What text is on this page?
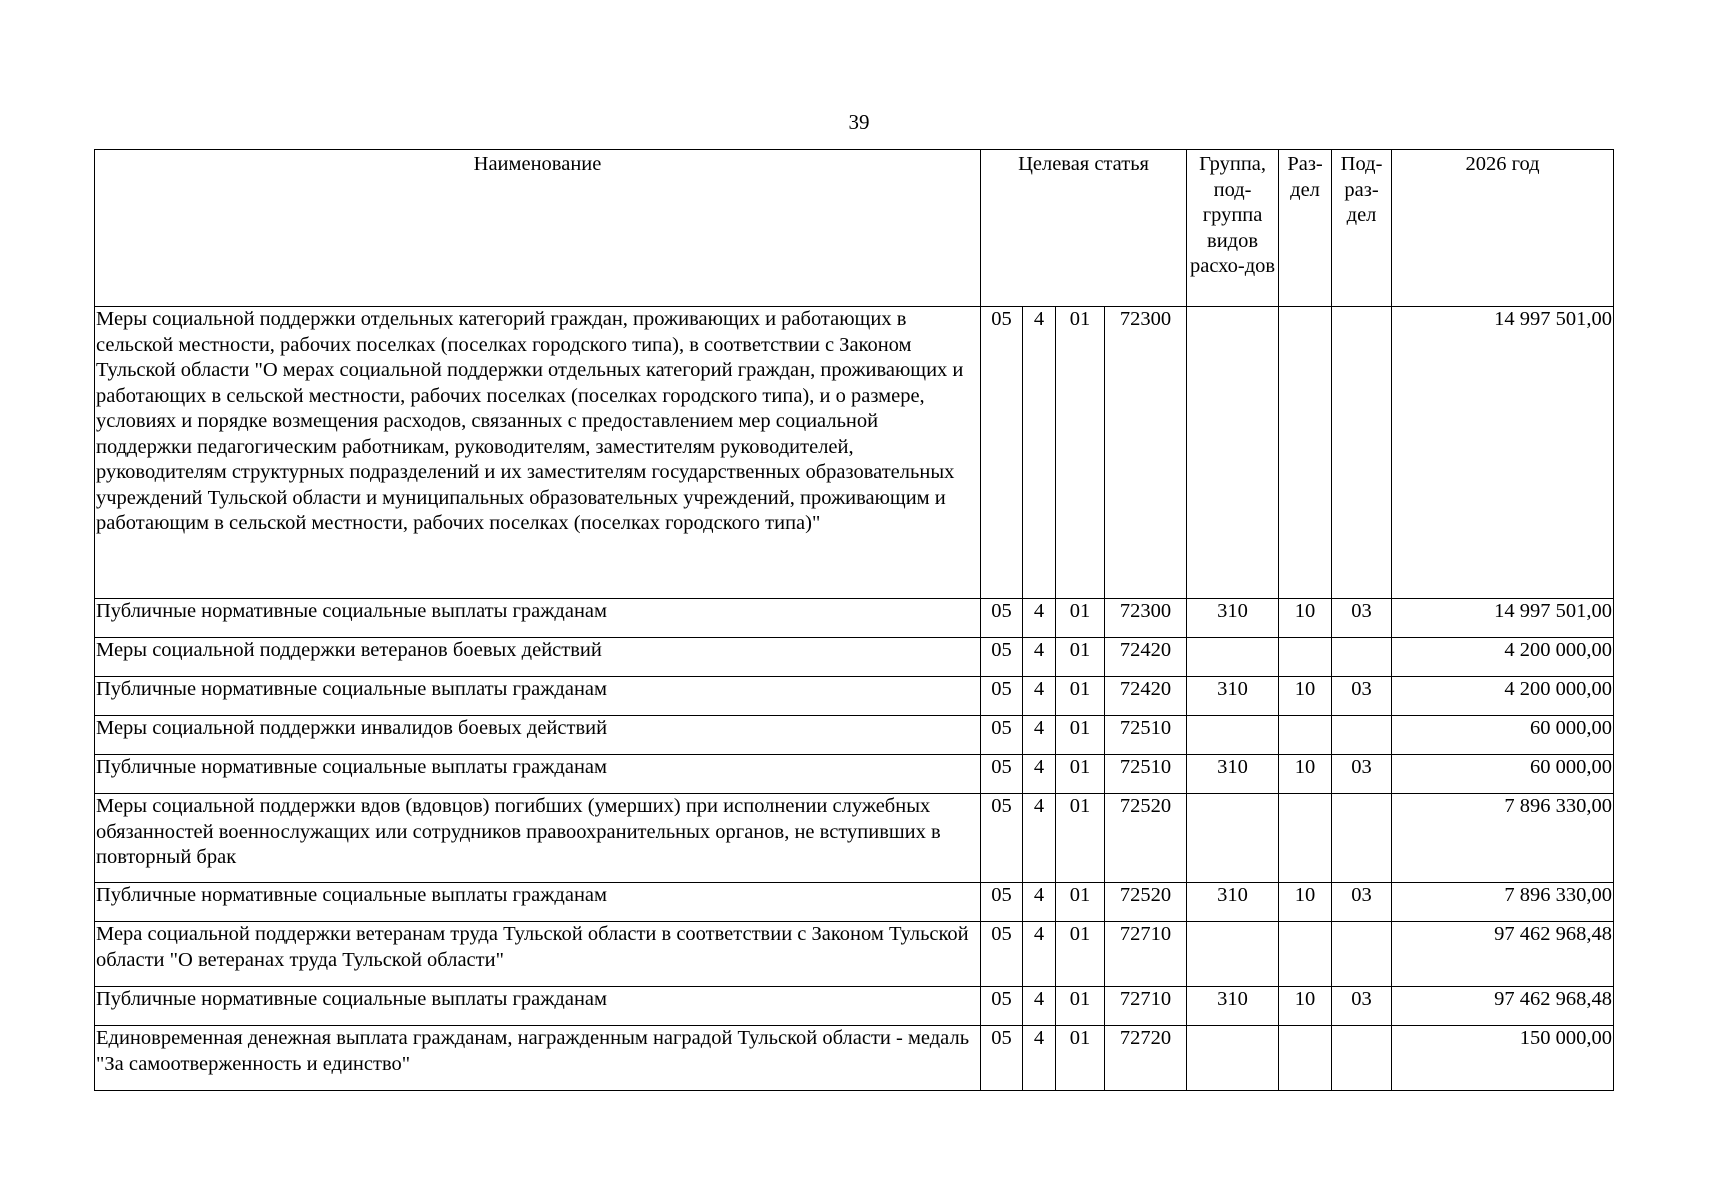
39
Наименование	Целевая статья				Группа, под-группа видов расхо-дов	Раз-дел	Под-раз-дел	2026 год
Меры социальной поддержки отдельных категорий граждан, проживающих и работающих в сельской местности, рабочих поселках (поселках городского типа), в соответствии с Законом Тульской области "О мерах социальной поддержки отдельных категорий граждан, проживающих и работающих в сельской местности, рабочих поселках (поселках городского типа), и о размере, условиях и порядке возмещения расходов, связанных с предоставлением мер социальной поддержки педагогическим работникам, руководителям, заместителям руководителей, руководителям структурных подразделений и их заместителям государственных образовательных учреждений Тульской области и муниципальных образовательных учреждений, проживающим и работающим в сельской местности, рабочих поселках (поселках городского типа)"	05	4	01	72300				14 997 501,00
Публичные нормативные социальные выплаты гражданам	05	4	01	72300	310	10	03	14 997 501,00
Меры социальной поддержки ветеранов боевых действий	05	4	01	72420				4 200 000,00
Публичные нормативные социальные выплаты гражданам	05	4	01	72420	310	10	03	4 200 000,00
Меры социальной поддержки инвалидов боевых действий	05	4	01	72510				60 000,00
Публичные нормативные социальные выплаты гражданам	05	4	01	72510	310	10	03	60 000,00
Меры социальной поддержки вдов (вдовцов) погибших (умерших) при исполнении служебных обязанностей военнослужащих или сотрудников правоохранительных органов, не вступивших в повторный брак	05	4	01	72520				7 896 330,00
Публичные нормативные социальные выплаты гражданам	05	4	01	72520	310	10	03	7 896 330,00
Мера социальной поддержки ветеранам труда Тульской области в соответствии с Законом Тульской области "О ветеранах труда Тульской области"	05	4	01	72710				97 462 968,48
Публичные нормативные социальные выплаты гражданам	05	4	01	72710	310	10	03	97 462 968,48
Единовременная денежная выплата гражданам, награжденным наградой Тульской области - медаль "За самоотверженность и единство"	05	4	01	72720				150 000,00
